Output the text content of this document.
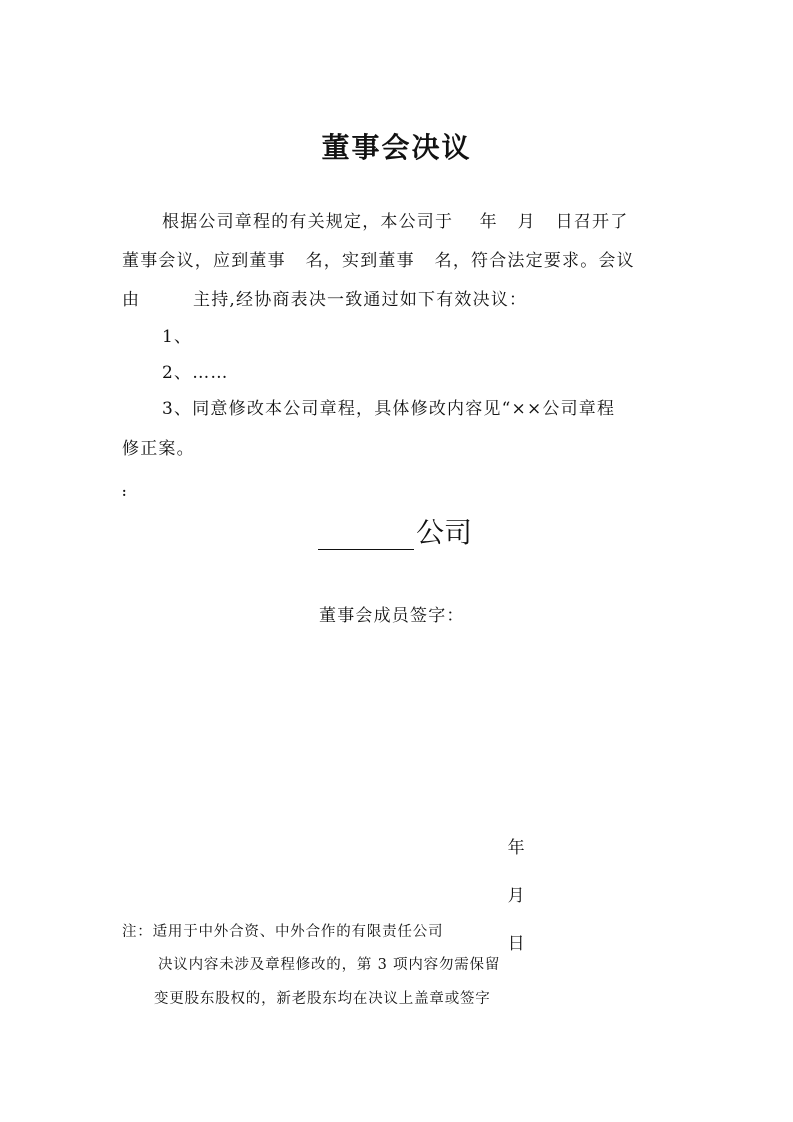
董事会决议
根据公司章程的有关规定，本公司于    年   月   日召开了
董事会议，应到董事   名，实到董事   名，符合法定要求。会议
由        主持,经协商表决一致通过如下有效决议：
1、
2、……
3、同意修改本公司章程，具体修改内容见“××公司章程
修正案。
:
公司
董事会成员签字：

年

月

日

注：适用于中外合资、中外合作的有限责任公司
决议内容未涉及章程修改的，第 3 项内容勿需保留
变更股东股权的，新老股东均在决议上盖章或签字
